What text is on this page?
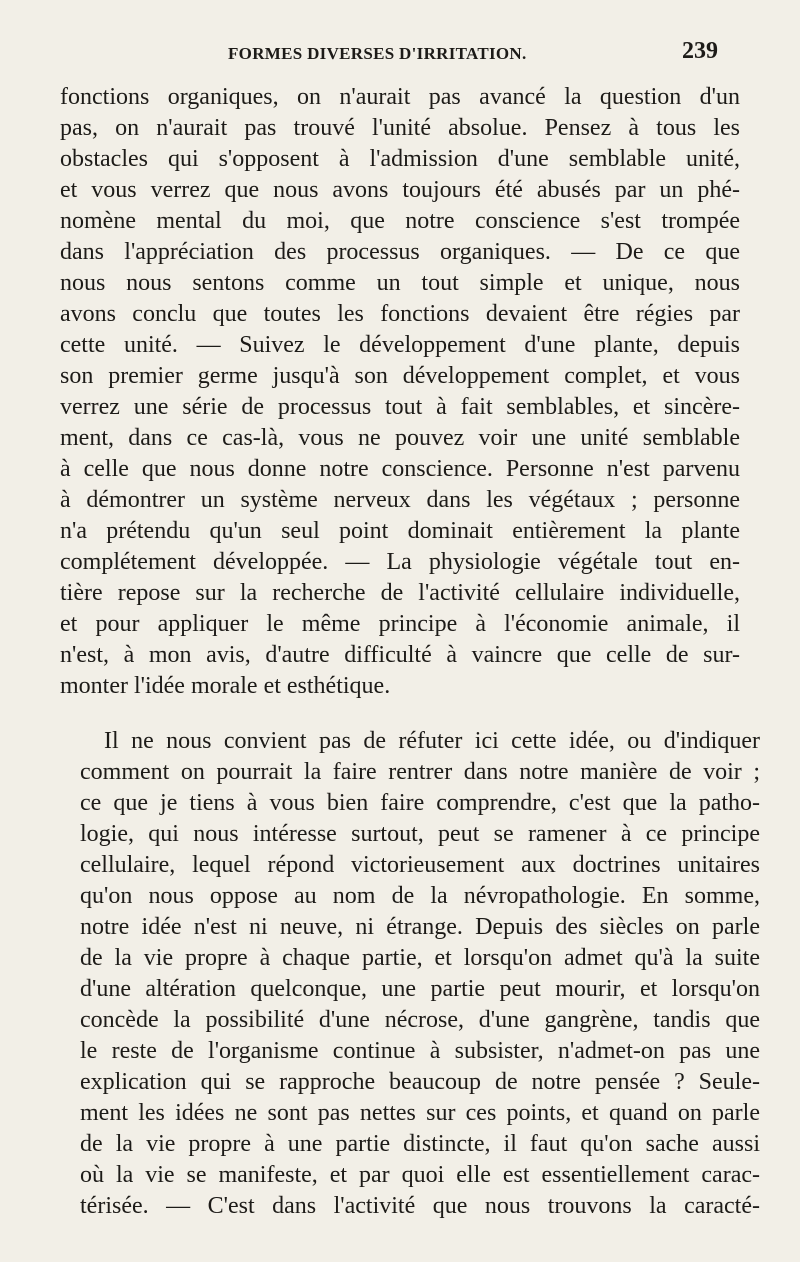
FORMES DIVERSES D'IRRITATION.	239
fonctions organiques, on n'aurait pas avancé la question d'un
pas, on n'aurait pas trouvé l'unité absolue. Pensez à tous les
obstacles qui s'opposent à l'admission d'une semblable unité,
et vous verrez que nous avons toujours été abusés par un phé-
nomène mental du moi, que notre conscience s'est trompée
dans l'appréciation des processus organiques. — De ce que
nous nous sentons comme un tout simple et unique, nous
avons conclu que toutes les fonctions devaient être régies par
cette unité. — Suivez le développement d'une plante, depuis
son premier germe jusqu'à son développement complet, et vous
verrez une série de processus tout à fait semblables, et sincère-
ment, dans ce cas-là, vous ne pouvez voir une unité semblable
à celle que nous donne notre conscience. Personne n'est parvenu
à démontrer un système nerveux dans les végétaux ; personne
n'a prétendu qu'un seul point dominait entièrement la plante
complétement développée. — La physiologie végétale tout en-
tière repose sur la recherche de l'activité cellulaire individuelle,
et pour appliquer le même principe à l'économie animale, il
n'est, à mon avis, d'autre difficulté à vaincre que celle de sur-
monter l'idée morale et esthétique.
Il ne nous convient pas de réfuter ici cette idée, ou d'indiquer
comment on pourrait la faire rentrer dans notre manière de voir ;
ce que je tiens à vous bien faire comprendre, c'est que la patho-
logie, qui nous intéresse surtout, peut se ramener à ce principe
cellulaire, lequel répond victorieusement aux doctrines unitaires
qu'on nous oppose au nom de la névropathologie. En somme,
notre idée n'est ni neuve, ni étrange. Depuis des siècles on parle
de la vie propre à chaque partie, et lorsqu'on admet qu'à la suite
d'une altération quelconque, une partie peut mourir, et lorsqu'on
concède la possibilité d'une nécrose, d'une gangrène, tandis que
le reste de l'organisme continue à subsister, n'admet-on pas une
explication qui se rapproche beaucoup de notre pensée ? Seule-
ment les idées ne sont pas nettes sur ces points, et quand on parle
de la vie propre à une partie distincte, il faut qu'on sache aussi
où la vie se manifeste, et par quoi elle est essentiellement carac-
térisée. — C'est dans l'activité que nous trouvons la caracté-
